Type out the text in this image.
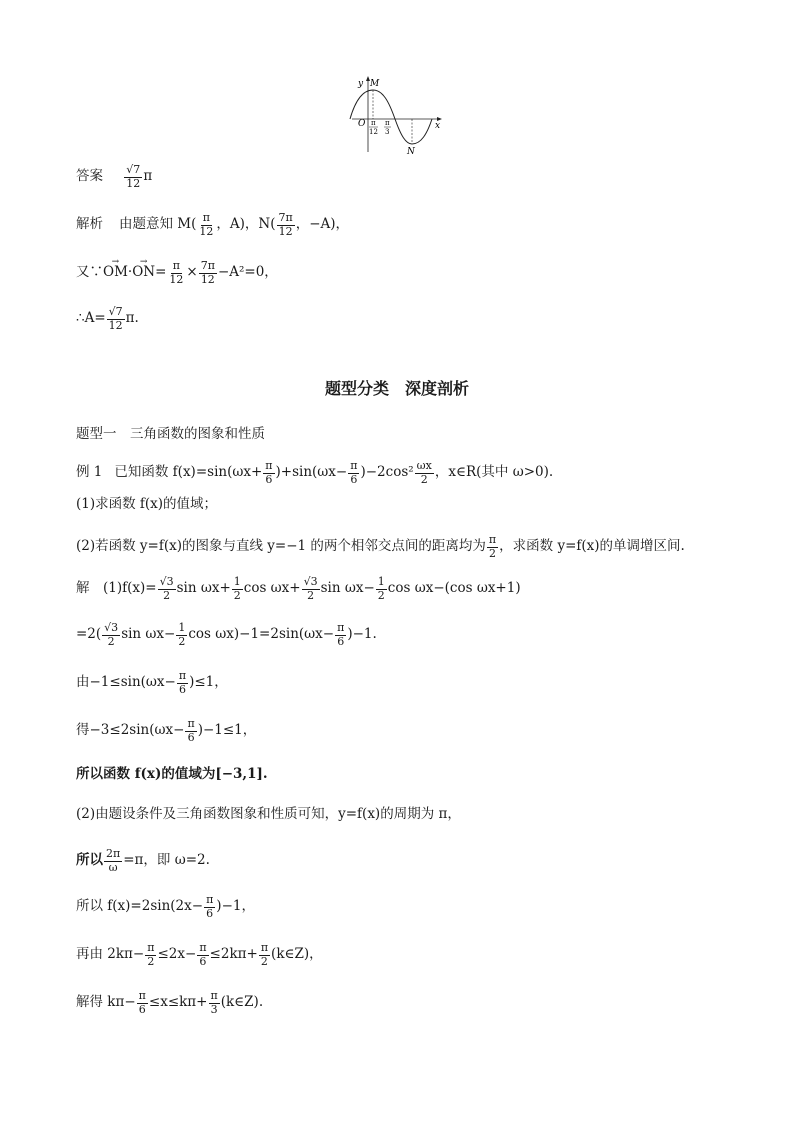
y
x
O
M
N
π
12
π
3
答案 $\frac{√7}{12}$ π
解析 由题意知 $M( \frac{\pi}{12}$ ，A)，$N( \frac{7\pi}{12}$ ，−A)，
又∵→ $OM\cdot\to ON= \frac{\pi}{12} \times \frac{7\pi}{12} -A^2=0$，
∴A= $\frac{√7}{12} \pi$.
题型分类　深度剖析
题型一　三角函数的图象和性质
例 1 已知函数 $f(x)=\sin(\omega x+ \frac{\pi}{6} )+\sin(\omega x- \frac{\pi}{6} )-2\cos^2 \frac{\omega x}{2}$ ，x∈R(其中 ω>0).
(1)求函数 f(x)的值域；
(2)若函数 y=f(x)的图象与直线 y=−1 的两个相邻交点间的距离均为 $\frac{\pi}{2}$ ，求函数 y=f(x)的单调增区间.
解　$(1)f(x)= \frac{√3}{2}$ $\sin \omega x+ \frac{1}{2}$ $\cos \omega x+ \frac{√3}{2}$ $\sin \omega x- \frac{1}{2}$ cos ωx−(cos ωx+1)
$=2( \frac{√3}{2}$ $\sin \omega x- \frac{1}{2}$ $\cos \omega x)-1=2\sin(\omega x- \frac{\pi}{6} )-1$.
由$-1\le\sin(\omega x- \frac{\pi}{6} )\le 1$，
得$-3\le 2\sin(\omega x- \frac{\pi}{6} )-1\le 1$，
所以函数 f(x)的值域为[−3,1].
(2)由题设条件及三角函数图象和性质可知，y=f(x)的周期为 π，
所以 $\frac{2\pi}{\omega} =\pi$，即 ω=2.
所以 $f(x)=2\sin(2x- \frac{\pi}{6} )-1$，
再由 $2k\pi- \frac{\pi}{2} \le 2x- \frac{\pi}{6} \le 2k\pi+ \frac{\pi}{2}$ (k∈Z)，
解得 $k\pi- \frac{\pi}{6} \le x\le k\pi+ \frac{\pi}{3}$ (k∈Z).
